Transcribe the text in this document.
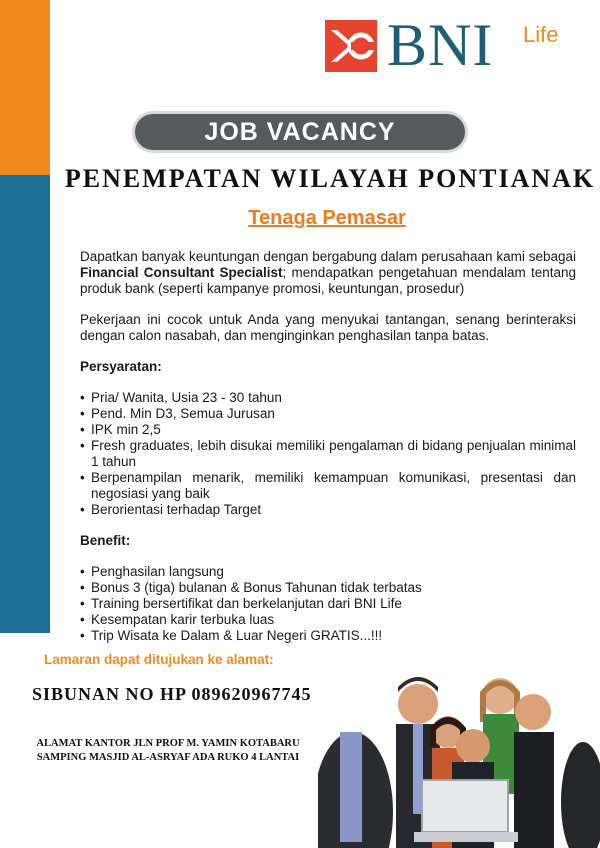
BNI Life
JOB VACANCY
PENEMPATAN WILAYAH PONTIANAK
Tenaga Pemasar

Dapatkan banyak keuntungan dengan bergabung dalam perusahaan kami sebagai Financial Consultant Specialist; mendapatkan pengetahuan mendalam tentang produk bank (seperti kampanye promosi, keuntungan, prosedur)

Pekerjaan ini cocok untuk Anda yang menyukai tantangan, senang berinteraksi dengan calon nasabah, dan menginginkan penghasilan tanpa batas.

Persyaratan:

• Pria/ Wanita, Usia 23 - 30 tahun
• Pend. Min D3, Semua Jurusan
• IPK min 2,5
• Fresh graduates, lebih disukai memiliki pengalaman di bidang penjualan minimal 1 tahun
• Berpenampilan menarik, memiliki kemampuan komunikasi, presentasi dan negosiasi yang baik
• Berorientasi terhadap Target

Benefit:

• Penghasilan langsung
• Bonus 3 (tiga) bulanan & Bonus Tahunan tidak terbatas
• Training bersertifikat dan berkelanjutan dari BNI Life
• Kesempatan karir terbuka luas
• Trip Wisata ke Dalam & Luar Negeri GRATIS...!!!
Lamaran dapat ditujukan ke alamat:
SIBUNAN NO HP 089620967745
ALAMAT KANTOR JLN PROF M. YAMIN KOTABARU
SAMPING MASJID AL-ASRYAF ADA RUKO 4 LANTAI
